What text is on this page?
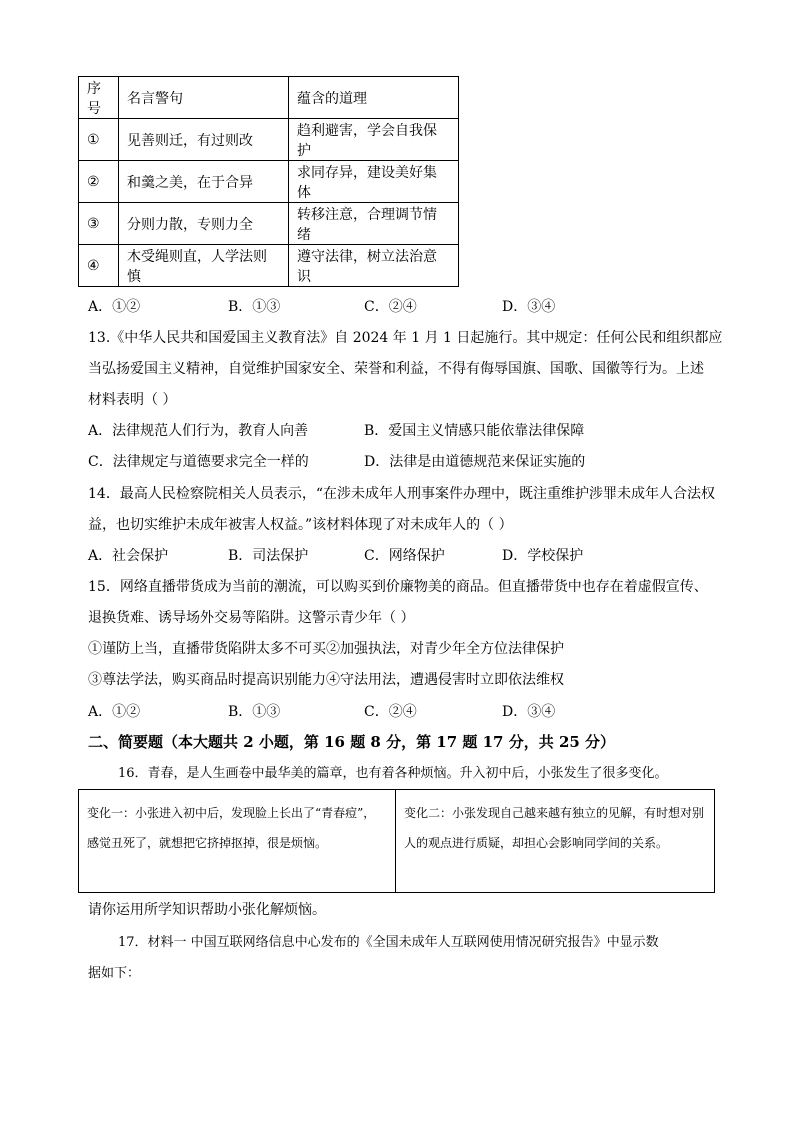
序号	名言警句	蕴含的道理
①	见善则迁，有过则改	趋利避害，学会自我保护
②	和羹之美，在于合异	求同存异，建设美好集体
③	分则力散，专则力全	转移注意，合理调节情绪
④	木受绳则直，人学法则慎	遵守法律，树立法治意识
A．①②	B．①③	C．②④	D．③④
13.《中华人民共和国爱国主义教育法》自 2024 年 1 月 1 日起施行。其中规定：任何公民和组织都应
当弘扬爱国主义精神，自觉维护国家安全、荣誉和利益，不得有侮辱国旗、国歌、国徽等行为。上述
材料表明（ ）
A．法律规范人们行为，教育人向善	B．爱国主义情感只能依靠法律保障
C．法律规定与道德要求完全一样的	D．法律是由道德规范来保证实施的
14．最高人民检察院相关人员表示，“在涉未成年人刑事案件办理中，既注重维护涉罪未成年人合法权
益，也切实维护未成年被害人权益。”该材料体现了对未成年人的（ ）
A．社会保护	B．司法保护	C．网络保护	D．学校保护
15．网络直播带货成为当前的潮流，可以购买到价廉物美的商品。但直播带货中也存在着虚假宣传、
退换货难、诱导场外交易等陷阱。这警示青少年（ ）
①谨防上当，直播带货陷阱太多不可买②加强执法，对青少年全方位法律保护
③尊法学法，购买商品时提高识别能力④守法用法，遭遇侵害时立即依法维权
A．①②	B．①③	C．②④	D．③④
二、简要题（本大题共 2 小题，第 16 题 8 分，第 17 题 17 分，共 25 分）
16．青春，是人生画卷中最华美的篇章，也有着各种烦恼。升入初中后，小张发生了很多变化。
变化一：小张进入初中后，发现脸上长出了“青春痘”，感觉丑死了，就想把它挤掉抠掉，很是烦恼。	变化二：小张发现自己越来越有独立的见解，有时想对别人的观点进行质疑，却担心会影响同学间的关系。
请你运用所学知识帮助小张化解烦恼。
17．材料一 中国互联网络信息中心发布的《全国未成年人互联网使用情况研究报告》中显示数
据如下：
